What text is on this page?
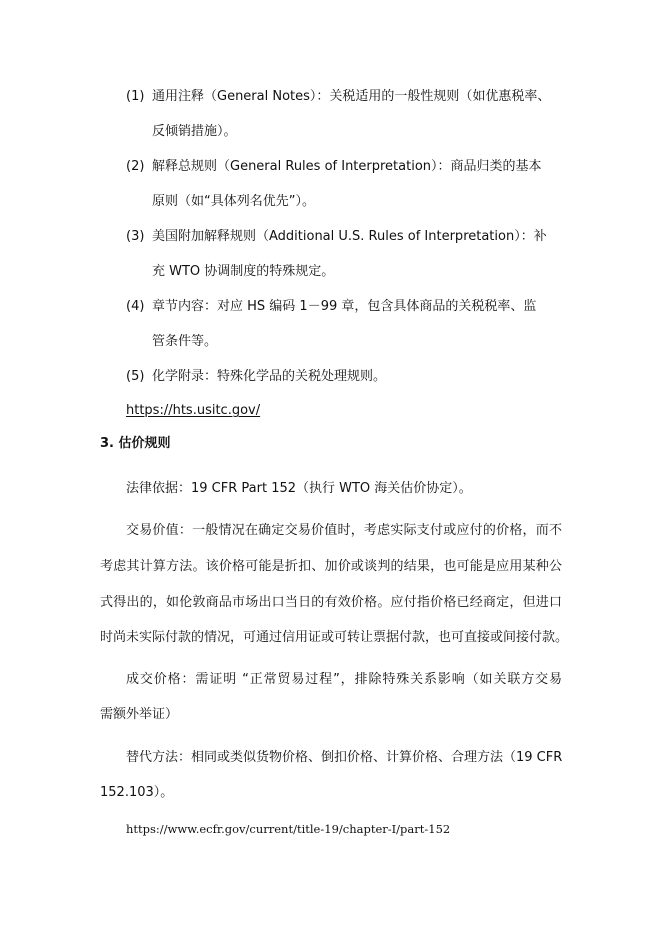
(1) 通用注释（General Notes）：关税适用的一般性规则（如优惠税率、
反倾销措施）。
(2) 解释总规则（General Rules of Interpretation）：商品归类的基本
原则（如“具体列名优先”）。
(3) 美国附加解释规则（Additional U.S. Rules of Interpretation）：补
充 WTO 协调制度的特殊规定。
(4) 章节内容：对应 HS 编码 1－99 章，包含具体商品的关税税率、监
管条件等。
(5) 化学附录：特殊化学品的关税处理规则。
https://hts.usitc.gov/
3. 估价规则
法律依据：19 CFR Part 152（执行 WTO 海关估价协定）。
交易价值：一般情况在确定交易价值时，考虑实际支付或应付的价格，而不
考虑其计算方法。该价格可能是折扣、加价或谈判的结果，也可能是应用某种公
式得出的，如伦敦商品市场出口当日的有效价格。应付指价格已经商定，但进口
时尚未实际付款的情况，可通过信用证或可转让票据付款，也可直接或间接付款。
成交价格：需证明 “正常贸易过程”，排除特殊关系影响（如关联方交易
需额外举证）
替代方法：相同或类似货物价格、倒扣价格、计算价格、合理方法（19 CFR
152.103）。
https://www.ecfr.gov/current/title-19/chapter-I/part-152
